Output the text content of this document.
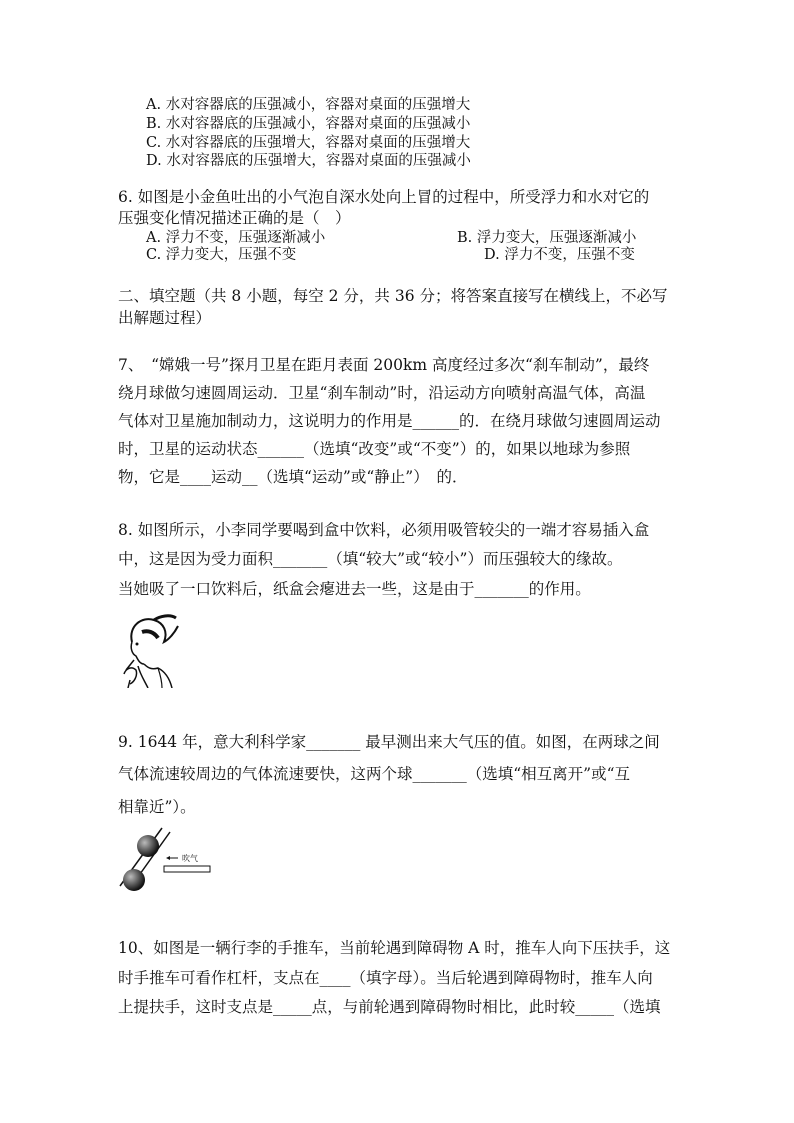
A. 水对容器底的压强减小，容器对桌面的压强增大
B. 水对容器底的压强减小，容器对桌面的压强减小
C. 水对容器底的压强增大，容器对桌面的压强增大
D. 水对容器底的压强增大，容器对桌面的压强减小
6. 如图是小金鱼吐出的小气泡自深水处向上冒的过程中，所受浮力和水对它的
压强变化情况描述正确的是（　）
A. 浮力不变，压强逐渐减小	B. 浮力变大，压强逐渐减小
C. 浮力变大，压强不变	D. 浮力不变，压强不变
二、填空题（共 8 小题，每空 2 分，共 36 分；将答案直接写在横线上，不必写
出解题过程）
7、　“嫦娥一号”探月卫星在距月表面 200km 高度经过多次“刹车制动”，最终
绕月球做匀速圆周运动．卫星“刹车制动”时，沿运动方向喷射高温气体，高温
气体对卫星施加制动力，这说明力的作用是______的．在绕月球做匀速圆周运动
时，卫星的运动状态______（选填“改变”或“不变”）的，如果以地球为参照
物，它是____运动__（选填“运动”或“静止”）　的．
8. 如图所示，小李同学要喝到盒中饮料，必须用吸管较尖的一端才容易插入盒
中，这是因为受力面积_______（填“较大”或“较小”）而压强较大的缘故。
当她吸了一口饮料后，纸盒会瘪进去一些，这是由于_______的作用。
9. 1644 年，意大利科学家_______ 最早测出来大气压的值。如图，在两球之间
气体流速较周边的气体流速要快，这两个球_______（选填“相互离开”或“互
相靠近”）。
吹气
10、如图是一辆行李的手推车，当前轮遇到障碍物 A 时，推车人向下压扶手，这
时手推车可看作杠杆，支点在____（填字母）。当后轮遇到障碍物时，推车人向
上提扶手，这时支点是_____点，与前轮遇到障碍物时相比，此时较_____（选填
